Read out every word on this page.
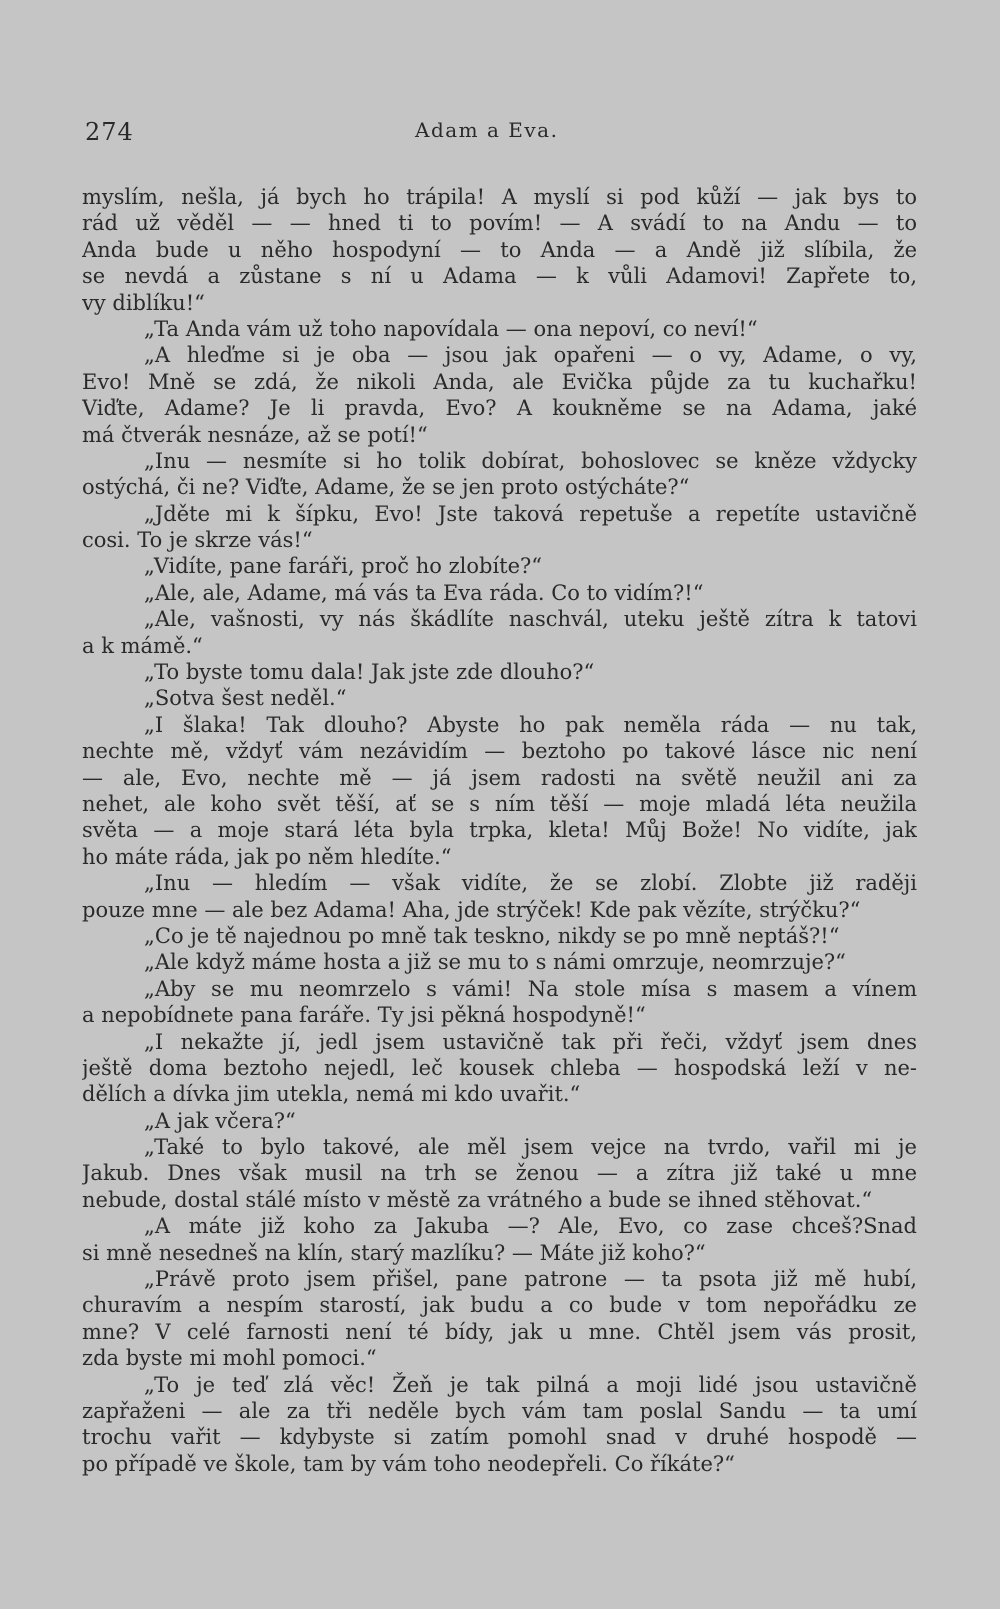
274	Adam a Eva.
myslím, nešla, já bych ho trápila! A myslí si pod kůží — jak bys to
rád už věděl — — hned ti to povím! — A svádí to na Andu — to
Anda bude u něho hospodyní — to Anda — a Andě již slíbila, že
se nevdá a zůstane s ní u Adama — k vůli Adamovi! Zapřete to,
vy diblíku!“
„Ta Anda vám už toho napovídala — ona nepoví, co neví!“
„A hleďme si je oba — jsou jak opařeni — o vy, Adame, o vy,
Evo! Mně se zdá, že nikoli Anda, ale Evička půjde za tu kuchařku!
Viďte, Adame? Je li pravda, Evo? A koukněme se na Adama, jaké
má čtverák nesnáze, až se potí!“
„Inu — nesmíte si ho tolik dobírat, bohoslovec se kněze vždycky
ostýchá, či ne? Viďte, Adame, že se jen proto ostýcháte?“
„Jděte mi k šípku, Evo! Jste taková repetuše a repetíte ustavičně
cosi. To je skrze vás!“
„Vidíte, pane faráři, proč ho zlobíte?“
„Ale, ale, Adame, má vás ta Eva ráda. Co to vidím?!“
„Ale, vašnosti, vy nás škádlíte naschvál, uteku ještě zítra k tatovi
a k mámě.“
„To byste tomu dala! Jak jste zde dlouho?“
„Sotva šest neděl.“
„I šlaka! Tak dlouho? Abyste ho pak neměla ráda — nu tak,
nechte mě, vždyť vám nezávidím — beztoho po takové lásce nic není
— ale, Evo, nechte mě — já jsem radosti na světě neužil ani za
nehet, ale koho svět těší, ať se s ním těší — moje mladá léta neužila
světa — a moje stará léta byla trpka, kleta! Můj Bože! No vidíte, jak
ho máte ráda, jak po něm hledíte.“
„Inu — hledím — však vidíte, že se zlobí. Zlobte již raději
pouze mne — ale bez Adama! Aha, jde strýček! Kde pak vězíte, strýčku?“
„Co je tě najednou po mně tak teskno, nikdy se po mně neptáš?!“
„Ale když máme hosta a již se mu to s námi omrzuje, neomrzuje?“
„Aby se mu neomrzelo s vámi! Na stole mísa s masem a vínem
a nepobídnete pana faráře. Ty jsi pěkná hospodyně!“
„I nekažte jí, jedl jsem ustavičně tak při řeči, vždyť jsem dnes
ještě doma beztoho nejedl, leč kousek chleba — hospodská leží v ne-
dělích a dívka jim utekla, nemá mi kdo uvařit.“
„A jak včera?“
„Také to bylo takové, ale měl jsem vejce na tvrdo, vařil mi je
Jakub. Dnes však musil na trh se ženou — a zítra již také u mne
nebude, dostal stálé místo v městě za vrátného a bude se ihned stěhovat.“
„A máte již koho za Jakuba —? Ale, Evo, co zase chceš?Snad
si mně nesedneš na klín, starý mazlíku? — Máte již koho?“
„Právě proto jsem přišel, pane patrone — ta psota již mě hubí,
churavím a nespím starostí, jak budu a co bude v tom nepořádku ze
mne? V celé farnosti není té bídy, jak u mne. Chtěl jsem vás prosit,
zda byste mi mohl pomoci.“
„To je teď zlá věc! Žeň je tak pilná a moji lidé jsou ustavičně
zapřaženi — ale za tři neděle bych vám tam poslal Sandu — ta umí
trochu vařit — kdybyste si zatím pomohl snad v druhé hospodě —
po případě ve škole, tam by vám toho neodepřeli. Co říkáte?“
